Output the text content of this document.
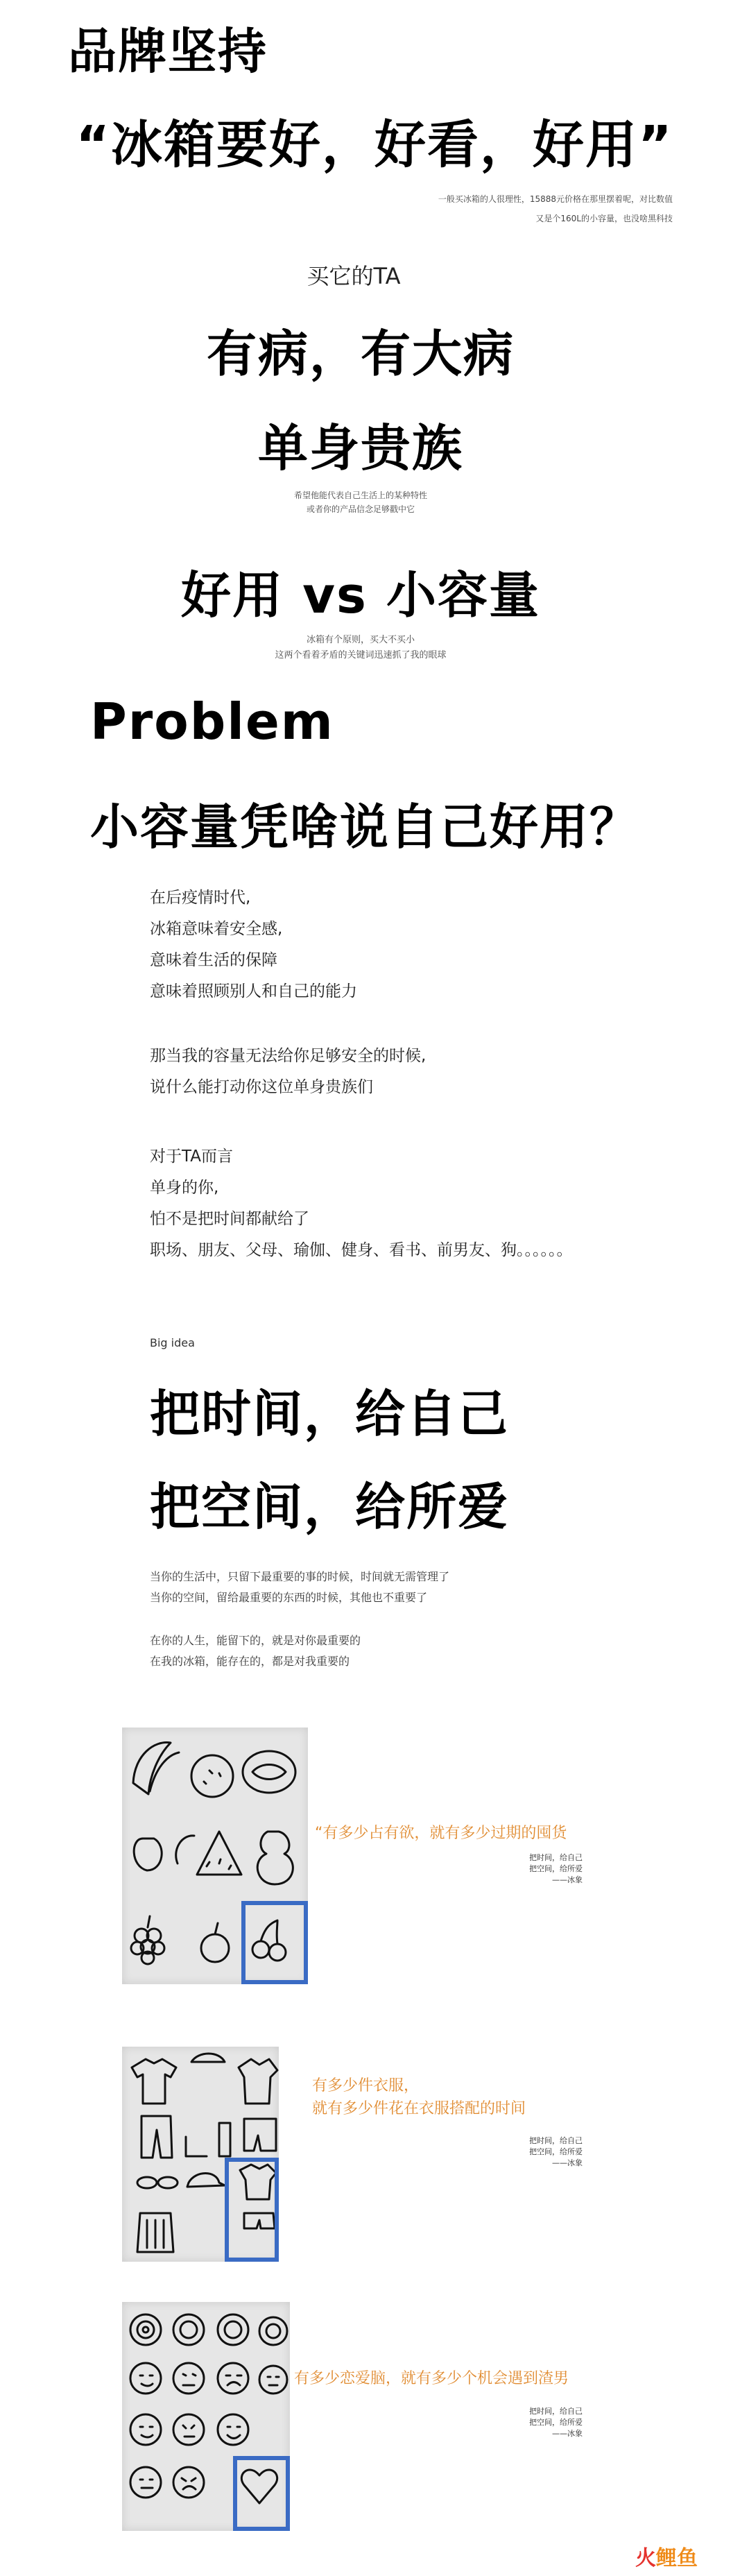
品牌坚持
“冰箱要好，好看，好用”
一般买冰箱的人很理性，15888元价格在那里摆着呢，对比数值
又是个160L的小容量，也没啥黑科技
买它的TA
有病，有大病
单身贵族
希望他能代表自己生活上的某种特性
或者你的产品信念足够戳中它
好用 vs 小容量
冰箱有个原则，买大不买小
这两个看着矛盾的关键词迅速抓了我的眼球
Problem
小容量凭啥说自己好用？
在后疫情时代,
冰箱意味着安全感,
意味着生活的保障
意味着照顾别人和自己的能力
那当我的容量无法给你足够安全的时候,
说什么能打动你这位单身贵族们
对于TA而言
单身的你,
怕不是把时间都献给了
职场、朋友、父母、瑜伽、健身、看书、前男友、狗。。。。。。
Big idea
把时间，给自己
把空间，给所爱
当你的生活中，只留下最重要的事的时候，时间就无需管理了
当你的空间，留给最重要的东西的时候，其他也不重要了
在你的人生，能留下的，就是对你最重要的
在我的冰箱，能存在的，都是对我重要的
“有多少占有欲，就有多少过期的囤货
把时间，给自己
把空间，给所爱
——冰象
有多少件衣服，
就有多少件花在衣服搭配的时间
把时间，给自己
把空间，给所爱
——冰象
有多少恋爱脑，就有多少个机会遇到渣男
把时间，给自己
把空间，给所爱
——冰象
火鲤鱼
